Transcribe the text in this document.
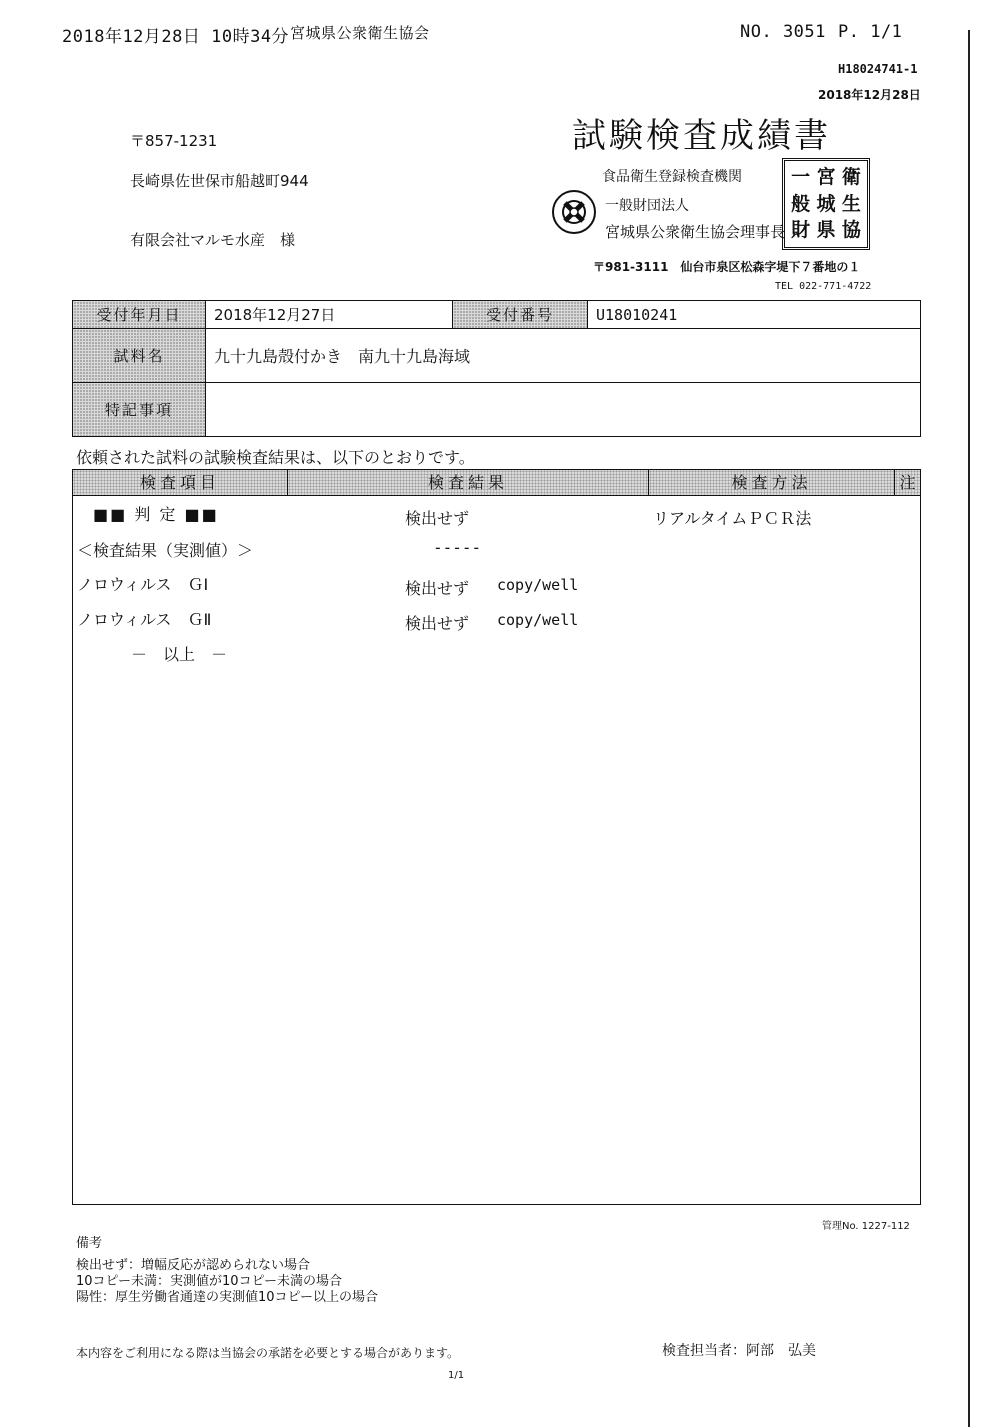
2018年12月28日 10時34分 宮城県公衆衛生協会	NO. 3051 P. 1/1
H18024741-1
2018年12月28日
試験検査成績書
〒857-1231
長崎県佐世保市船越町944
有限会社マルモ水産　様
食品衛生登録検査機関
一般財団法人
宮城県公衆衛生協会理事長
一 宮 衛
般 城 生
財 県 協
〒981-3111　仙台市泉区松森字堤下７番地の１
TEL 022-771-4722
受付年月日	2018年12月27日	受付番号	U18010241
試料名	九十九島殻付かき　南九十九島海域		
特記事項			
依頼された試料の試験検査結果は、以下のとおりです。
検査項目	検査結果	検査方法	注
■■ 判 定 ■■	検出せず	リアルタイムＰＣＲ法
＜検査結果（実測値）＞	-----
ノロウィルス　ＧⅠ	検出せず copy/well
ノロウィルス　ＧⅡ	検出せず copy/well
－　以上　－
管理No. 1227-112
備考
検出せず：増幅反応が認められない場合
10コピー未満：実測値が10コピー未満の場合
陽性：厚生労働省通達の実測値10コピー以上の場合
本内容をご利用になる際は当協会の承諾を必要とする場合があります。	検査担当者：阿部　弘美
1/1
